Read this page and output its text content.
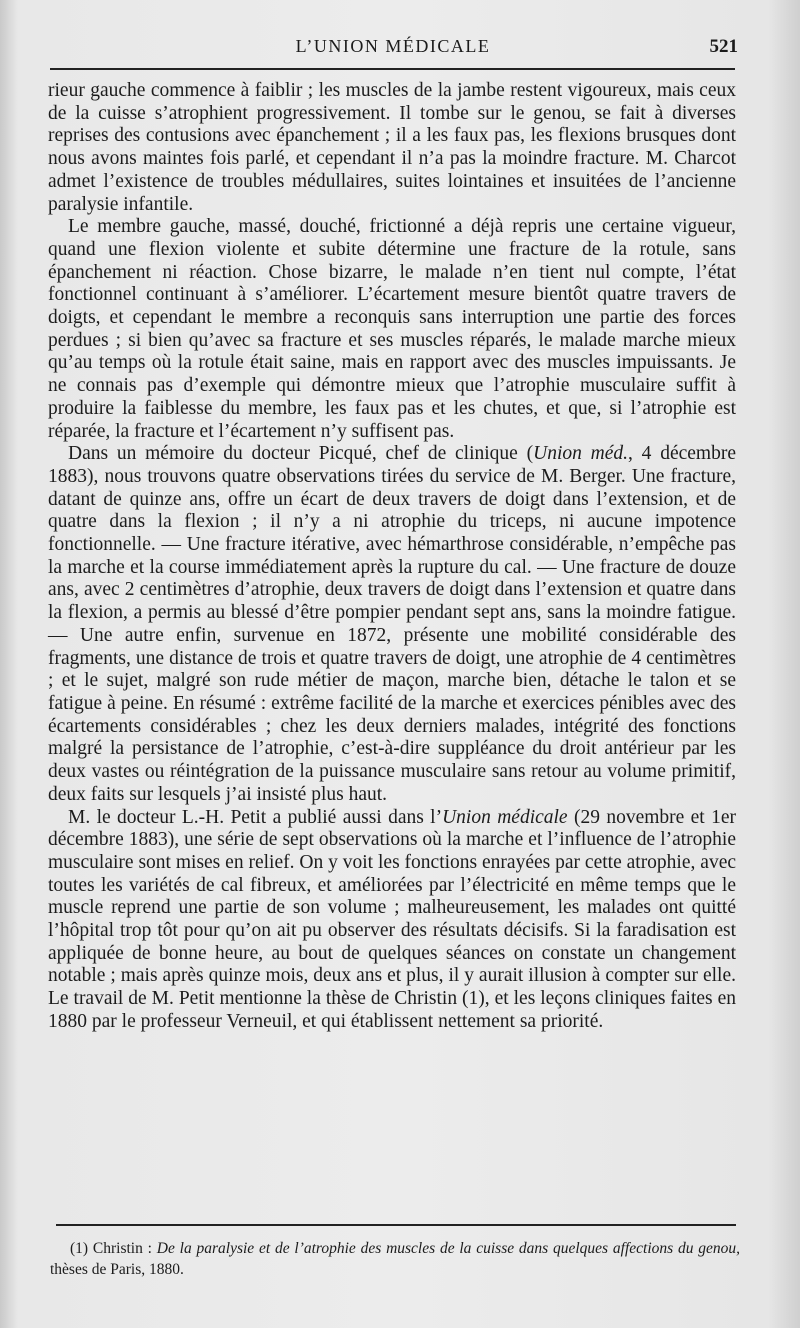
L’UNION MÉDICALE	521

rieur gauche commence à faiblir ; les muscles de la jambe restent vigoureux, mais ceux de la cuisse s’atrophient progressivement. Il tombe sur le genou, se fait à diverses reprises des contusions avec épanchement ; il a les faux pas, les flexions brusques dont nous avons maintes fois parlé, et cependant il n’a pas la moindre fracture. M. Charcot admet l’existence de troubles médullaires, suites lointaines et insuitées de l’ancienne paralysie infantile.

Le membre gauche, massé, douché, frictionné a déjà repris une certaine vigueur, quand une flexion violente et subite détermine une fracture de la rotule, sans épanchement ni réaction. Chose bizarre, le malade n’en tient nul compte, l’état fonctionnel continuant à s’améliorer. L’écartement mesure bientôt quatre travers de doigts, et cependant le membre a reconquis sans interruption une partie des forces perdues ; si bien qu’avec sa fracture et ses muscles réparés, le malade marche mieux qu’au temps où la rotule était saine, mais en rapport avec des muscles impuissants. Je ne connais pas d’exemple qui démontre mieux que l’atrophie musculaire suffit à produire la faiblesse du membre, les faux pas et les chutes, et que, si l’atrophie est réparée, la fracture et l’écartement n’y suffisent pas.

Dans un mémoire du docteur Picqué, chef de clinique (Union méd., 4 décembre 1883), nous trouvons quatre observations tirées du service de M. Berger. Une fracture, datant de quinze ans, offre un écart de deux travers de doigt dans l’extension, et de quatre dans la flexion ; il n’y a ni atrophie du triceps, ni aucune impotence fonctionnelle. — Une fracture itérative, avec hémarthrose considérable, n’empêche pas la marche et la course immédiatement après la rupture du cal. — Une fracture de douze ans, avec 2 centimètres d’atrophie, deux travers de doigt dans l’extension et quatre dans la flexion, a permis au blessé d’être pompier pendant sept ans, sans la moindre fatigue. — Une autre enfin, survenue en 1872, présente une mobilité considérable des fragments, une distance de trois et quatre travers de doigt, une atrophie de 4 centimètres ; et le sujet, malgré son rude métier de maçon, marche bien, détache le talon et se fatigue à peine. En résumé : extrême facilité de la marche et exercices pénibles avec des écartements considérables ; chez les deux derniers malades, intégrité des fonctions malgré la persistance de l’atrophie, c’est-à-dire suppléance du droit antérieur par les deux vastes ou réintégration de la puissance musculaire sans retour au volume primitif, deux faits sur lesquels j’ai insisté plus haut.

M. le docteur L.-H. Petit a publié aussi dans l’Union médicale (29 novembre et 1er décembre 1883), une série de sept observations où la marche et l’influence de l’atrophie musculaire sont mises en relief. On y voit les fonctions enrayées par cette atrophie, avec toutes les variétés de cal fibreux, et améliorées par l’électricité en même temps que le muscle reprend une partie de son volume ; malheureusement, les malades ont quitté l’hôpital trop tôt pour qu’on ait pu observer des résultats décisifs. Si la faradisation est appliquée de bonne heure, au bout de quelques séances on constate un changement notable ; mais après quinze mois, deux ans et plus, il y aurait illusion à compter sur elle. Le travail de M. Petit mentionne la thèse de Christin (1), et les leçons cliniques faites en 1880 par le professeur Verneuil, et qui établissent nettement sa priorité.

(1) Christin : De la paralysie et de l’atrophie des muscles de la cuisse dans quelques affections du genou, thèses de Paris, 1880.
